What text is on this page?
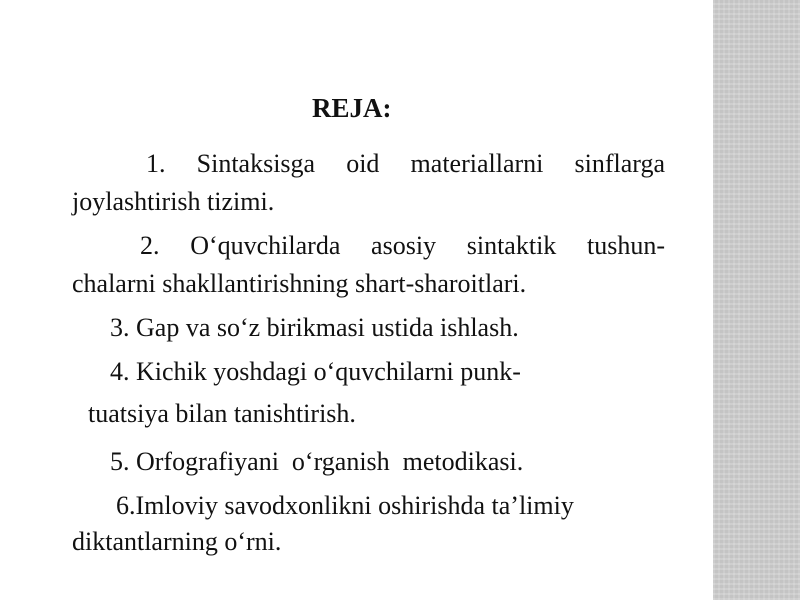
REJA:

1. Sintaksisga oid materiallarni sinflarga

joylashtirish tizimi.

2. O‘quvchilarda asosiy sintaktik tushun-

chalarni shakllantirishning shart-sharoitlari.

3. Gap va so‘z birikmasi ustida ishlash.

4. Kichik yoshdagi o‘quvchilarni punk-

tuatsiya bilan tanishtirish.

5. Orfografiyani  o‘rganish  metodikasi.

6.Imloviy savodxonlikni oshirishda ta’limiy

diktantlarning o‘rni.
